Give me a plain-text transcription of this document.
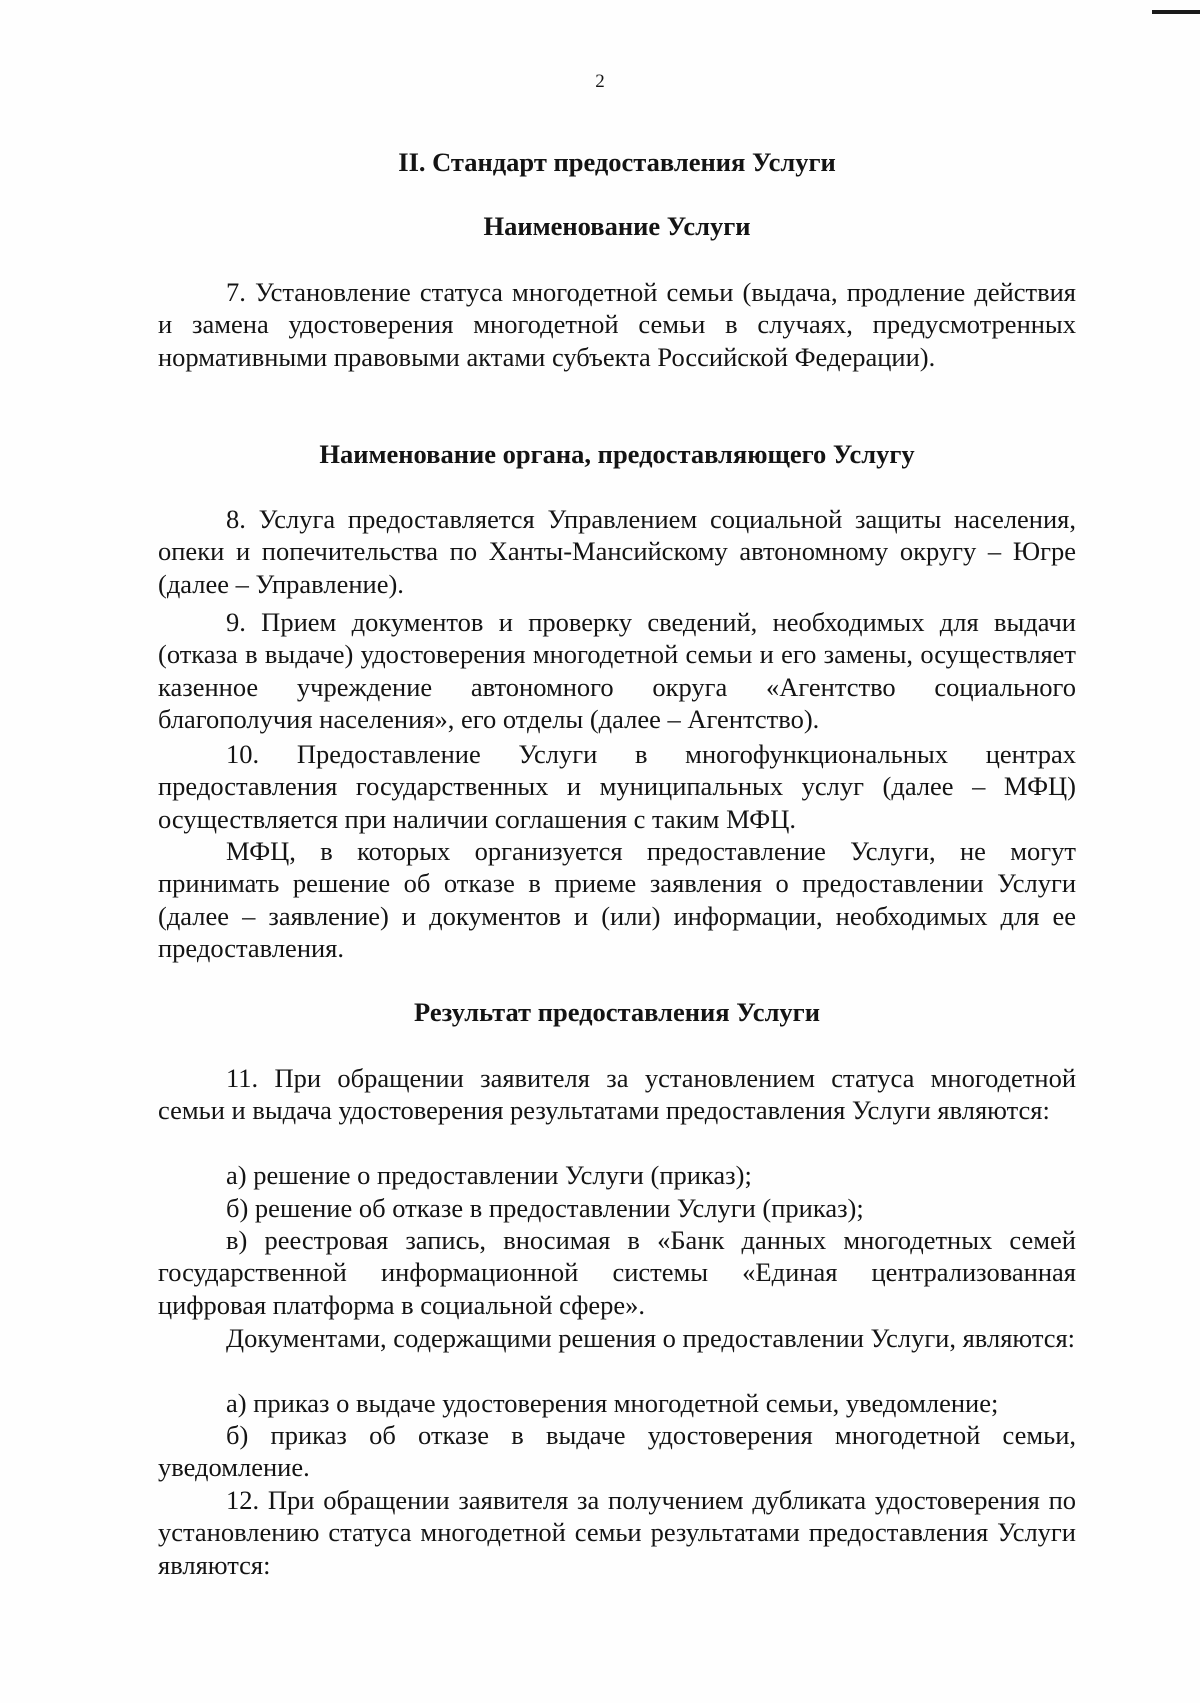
2
II. Стандарт предоставления Услуги
Наименование Услуги

7. Установление статуса многодетной семьи (выдача, продление действия и замена удостоверения многодетной семьи в случаях, предусмотренных нормативными правовыми актами субъекта Российской Федерации).

Наименование органа, предоставляющего Услугу

8. Услуга предоставляется Управлением социальной защиты населения, опеки и попечительства по Ханты-Мансийскому автономному округу – Югре (далее – Управление).

9. Прием документов и проверку сведений, необходимых для выдачи (отказа в выдаче) удостоверения многодетной семьи и его замены, осуществляет казенное учреждение автономного округа «Агентство социального благополучия населения», его отделы (далее – Агентство).

10. Предоставление Услуги в многофункциональных центрах предоставления государственных и муниципальных услуг (далее – МФЦ) осуществляется при наличии соглашения с таким МФЦ.

МФЦ, в которых организуется предоставление Услуги, не могут принимать решение об отказе в приеме заявления о предоставлении Услуги (далее – заявление) и документов и (или) информации, необходимых для ее предоставления.

Результат предоставления Услуги

11. При обращении заявителя за установлением статуса многодетной семьи и выдача удостоверения результатами предоставления Услуги являются:

а) решение о предоставлении Услуги (приказ);

б) решение об отказе в предоставлении Услуги (приказ);

в) реестровая запись, вносимая в «Банк данных многодетных семей государственной информационной системы «Единая централизованная цифровая платформа в социальной сфере».

Документами, содержащими решения о предоставлении Услуги, являются:

а) приказ о выдаче удостоверения многодетной семьи, уведомление;

б) приказ об отказе в выдаче удостоверения многодетной семьи, уведомление.

12. При обращении заявителя за получением дубликата удостоверения по установлению статуса многодетной семьи результатами предоставления Услуги являются:
